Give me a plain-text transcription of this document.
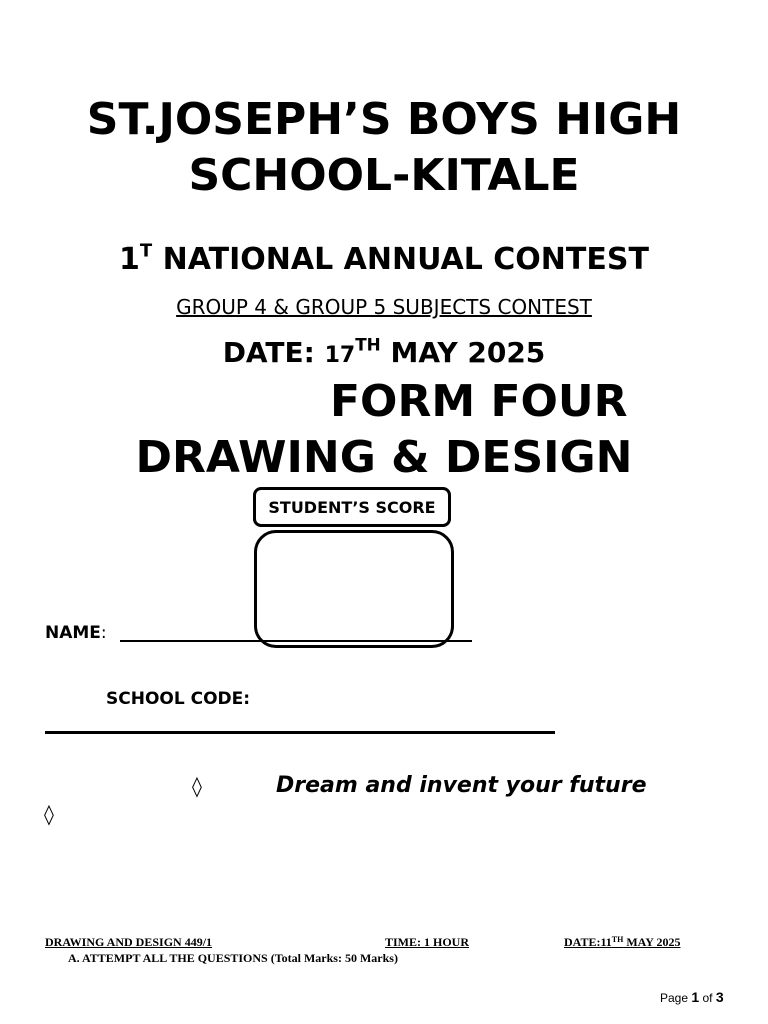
ST.JOSEPH’S BOYS HIGH
SCHOOL-KITALE
$1^T$ NATIONAL ANNUAL CONTEST
GROUP 4 & GROUP 5 SUBJECTS CONTEST
DATE: 17TH MAY 2025
FORM FOUR
DRAWING & DESIGN
STUDENT’S SCORE
NAME:
SCHOOL CODE:
◊	Dream and invent your future
◊
DRAWING AND DESIGN 449/1	TIME: 1 HOUR	DATE:11TH MAY 2025
A. ATTEMPT ALL THE QUESTIONS (Total Marks: 50 Marks)
Page 1 of 3
